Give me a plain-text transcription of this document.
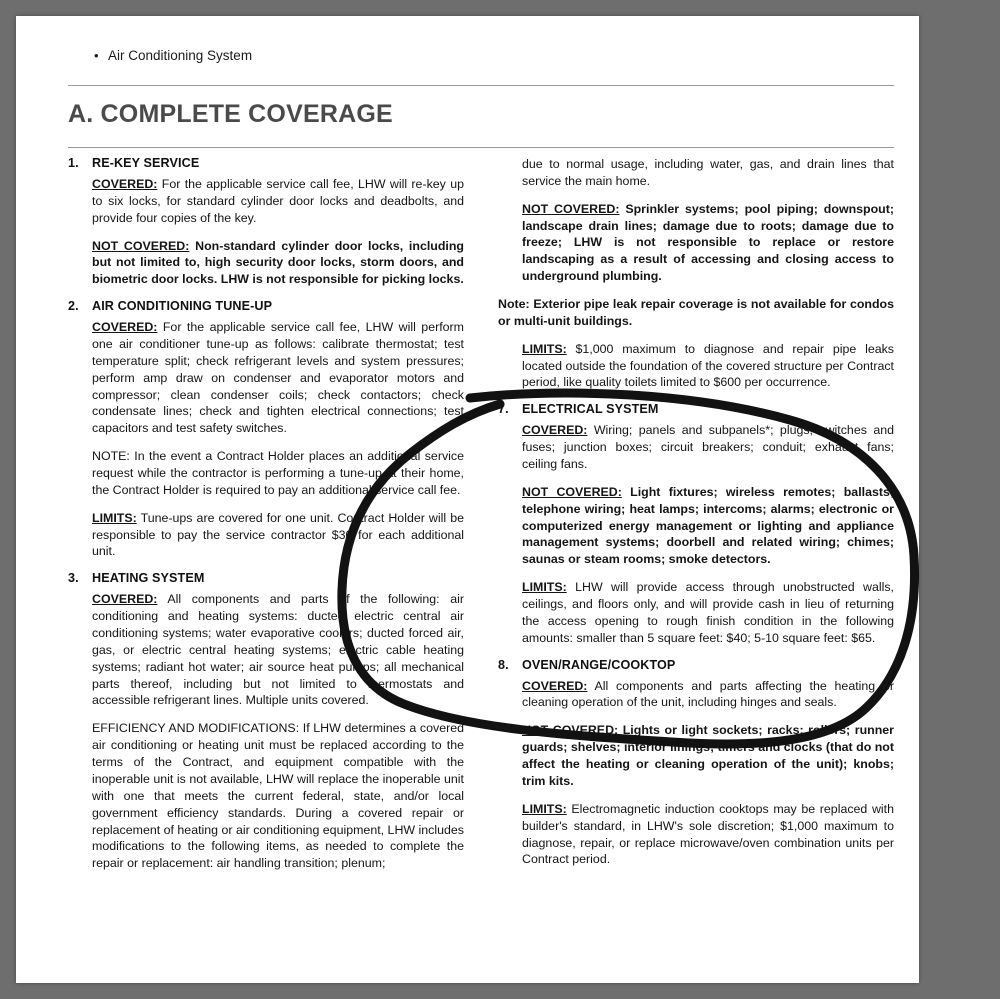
• Air Conditioning System
A. COMPLETE COVERAGE
1.	RE-KEY SERVICE

COVERED: For the applicable service call fee, LHW will re-key up to six locks, for standard cylinder door locks and deadbolts, and provide four copies of the key.

NOT COVERED: Non-standard cylinder door locks, including but not limited to, high security door locks, storm doors, and biometric door locks. LHW is not responsible for picking locks.

2.	AIR CONDITIONING TUNE-UP

COVERED: For the applicable service call fee, LHW will perform one air conditioner tune-up as follows: calibrate thermostat; test temperature split; check refrigerant levels and system pressures; perform amp draw on condenser and evaporator motors and compressor; clean condenser coils; check contactors; check condensate lines; check and tighten electrical connections; test capacitors and test safety switches.

NOTE: In the event a Contract Holder places an additional service request while the contractor is performing a tune-up at their home, the Contract Holder is required to pay an additional service call fee.

LIMITS: Tune-ups are covered for one unit. Contract Holder will be responsible to pay the service contractor $30 for each additional unit.

3.	HEATING SYSTEM

COVERED: All components and parts of the following: air conditioning and heating systems: ducted electric central air conditioning systems; water evaporative coolers; ducted forced air, gas, or electric central heating systems; electric cable heating systems; radiant hot water; air source heat pumps; all mechanical parts thereof, including but not limited to thermostats and accessible refrigerant lines. Multiple units covered.

EFFICIENCY AND MODIFICATIONS: If LHW determines a covered air conditioning or heating unit must be replaced according to the terms of the Contract, and equipment compatible with the inoperable unit is not available, LHW will replace the inoperable unit with one that meets the current federal, state, and/or local government efficiency standards. During a covered repair or replacement of heating or air conditioning equipment, LHW includes modifications to the following items, as needed to complete the repair or replacement: air handling transition; plenum;

due to normal usage, including water, gas, and drain lines that service the main home.

NOT COVERED: Sprinkler systems; pool piping; downspout; landscape drain lines; damage due to roots; damage due to freeze; LHW is not responsible to replace or restore landscaping as a result of accessing and closing access to underground plumbing.

Note: Exterior pipe leak repair coverage is not available for condos or multi-unit buildings.

LIMITS: $1,000 maximum to diagnose and repair pipe leaks located outside the foundation of the covered structure per Contract period, like quality toilets limited to $600 per occurrence.

7.	ELECTRICAL SYSTEM

COVERED: Wiring; panels and subpanels*; plugs; switches and fuses; junction boxes; circuit breakers; conduit; exhaust fans; ceiling fans.

NOT COVERED: Light fixtures; wireless remotes; ballasts; telephone wiring; heat lamps; intercoms; alarms; electronic or computerized energy management or lighting and appliance management systems; doorbell and related wiring; chimes; saunas or steam rooms; smoke detectors.

LIMITS: LHW will provide access through unobstructed walls, ceilings, and floors only, and will provide cash in lieu of returning the access opening to rough finish condition in the following amounts: smaller than 5 square feet: $40; 5-10 square feet: $65.

8.	OVEN/RANGE/COOKTOP

COVERED: All components and parts affecting the heating or cleaning operation of the unit, including hinges and seals.

NOT COVERED: Lights or light sockets; racks; rollers; runner guards; shelves; interior linings; timers and clocks (that do not affect the heating or cleaning operation of the unit); knobs; trim kits.

LIMITS: Electromagnetic induction cooktops may be replaced with builder's standard, in LHW's sole discretion; $1,000 maximum to diagnose, repair, or replace microwave/oven combination units per Contract period.
